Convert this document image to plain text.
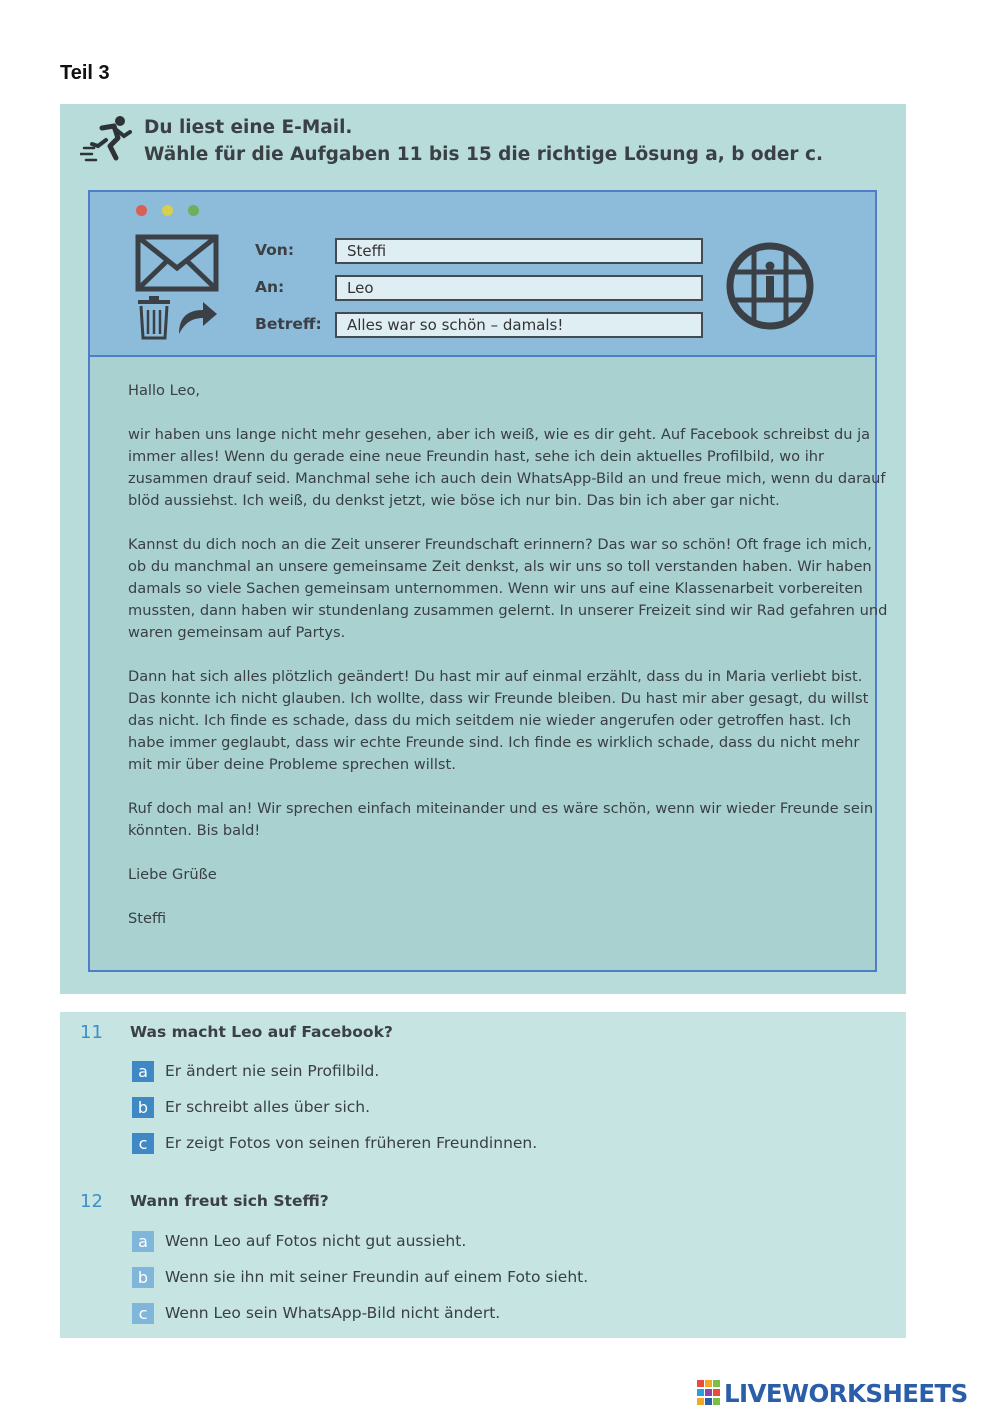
Teil 3
Du liest eine E-Mail.
Wähle für die Aufgaben 11 bis 15 die richtige Lösung a, b oder c.
Von:	Steffi
An:	Leo
Betreff:	Alles war so schön – damals!

Hallo Leo,

wir haben uns lange nicht mehr gesehen, aber ich weiß, wie es dir geht. Auf Facebook schreibst du ja immer alles! Wenn du gerade eine neue Freundin hast, sehe ich dein aktuelles Profilbild, wo ihr zusammen drauf seid. Manchmal sehe ich auch dein WhatsApp-Bild an und freue mich, wenn du darauf blöd aussiehst. Ich weiß, du denkst jetzt, wie böse ich nur bin. Das bin ich aber gar nicht.

Kannst du dich noch an die Zeit unserer Freundschaft erinnern? Das war so schön! Oft frage ich mich, ob du manchmal an unsere gemeinsame Zeit denkst, als wir uns so toll verstanden haben. Wir haben damals so viele Sachen gemeinsam unternommen. Wenn wir uns auf eine Klassenarbeit vorbereiten mussten, dann haben wir stundenlang zusammen gelernt. In unserer Freizeit sind wir Rad gefahren und waren gemeinsam auf Partys.

Dann hat sich alles plötzlich geändert! Du hast mir auf einmal erzählt, dass du in Maria verliebt bist. Das konnte ich nicht glauben. Ich wollte, dass wir Freunde bleiben. Du hast mir aber gesagt, du willst das nicht. Ich finde es schade, dass du mich seitdem nie wieder angerufen oder getroffen hast. Ich habe immer geglaubt, dass wir echte Freunde sind. Ich finde es wirklich schade, dass du nicht mehr mit mir über deine Probleme sprechen willst.

Ruf doch mal an! Wir sprechen einfach miteinander und es wäre schön, wenn wir wieder Freunde sein könnten. Bis bald!

Liebe Grüße

Steffi

11 Was macht Leo auf Facebook?
a	Er ändert nie sein Profilbild.
b	Er schreibt alles über sich.
c	Er zeigt Fotos von seinen früheren Freundinnen.
12 Wann freut sich Steffi?
a	Wenn Leo auf Fotos nicht gut aussieht.
b	Wenn sie ihn mit seiner Freundin auf einem Foto sieht.
c	Wenn Leo sein WhatsApp-Bild nicht ändert.
LIVEWORKSHEETS
